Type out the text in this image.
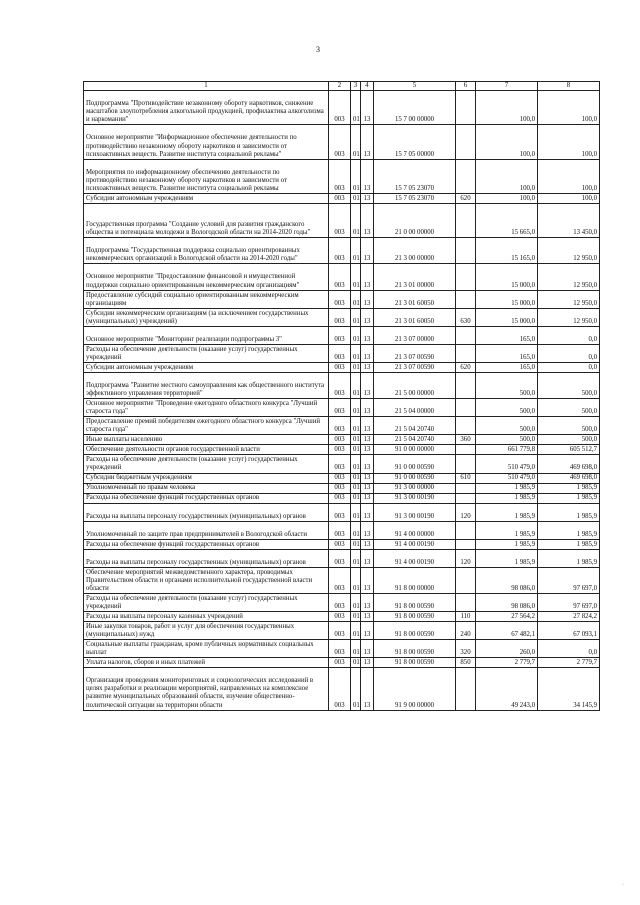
3
1	2	3	4	5	6	7	8
Подпрограмма "Противодействие незаконному обороту наркотиков, снижение масштабов злоупотребления алкогольной продукцией, профилактика алкоголизма и наркомании"	003	01	13	15 7 00 00000		100,0	100,0
Основное мероприятие "Информационное обеспечение деятельности по противодействию незаконному обороту наркотиков и зависимости от психоактивных веществ. Развитие института социальной рекламы"	003	01	13	15 7 05 00000		100,0	100,0
Мероприятия по информационному обеспечению деятельности по противодействию незаконному обороту наркотиков и зависимости от психоактивных веществ. Развитие института социальной рекламы	003	01	13	15 7 05 23070		100,0	100,0
Субсидии автономным учреждениям	003	01	13	15 7 05 23070	620	100,0	100,0
Государственная программа "Создание условий для развития гражданского общества и потенциала молодежи в Вологодской области на 2014-2020 годы"	003	01	13	21 0 00 00000		15 665,0	13 450,0
Подпрограмма "Государственная поддержка социально ориентированных некоммерческих организаций в Вологодской области на 2014-2020 годы"	003	01	13	21 3 00 00000		15 165,0	12 950,0
Основное мероприятие "Предоставление финансовой и имущественной поддержки социально ориентированным некоммерческим организациям"	003	01	13	21 3 01 00000		15 000,0	12 950,0
Предоставление субсидий социально ориентированным некоммерческим организациям	003	01	13	21 3 01 60050		15 000,0	12 950,0
Субсидии некоммерческим организациям (за исключением государственных (муниципальных) учреждений)	003	01	13	21 3 01 60050	630	15 000,0	12 950,0
Основное мероприятие "Мониторинг реализации подпрограммы 3"	003	01	13	21 3 07 00000		165,0	0,0
Расходы на обеспечение деятельности (оказание услуг) государственных учреждений	003	01	13	21 3 07 00590		165,0	0,0
Субсидии автономным учреждениям	003	01	13	21 3 07 00590	620	165,0	0,0
Подпрограмма "Развитие местного самоуправления как общественного института эффективного управления территорией"	003	01	13	21 5 00 00000		500,0	500,0
Основное мероприятие "Проведение ежегодного областного конкурса "Лучший староста года"	003	01	13	21 5 04 00000		500,0	500,0
Предоставление премий победителям ежегодного областного конкурса "Лучший староста года"	003	01	13	21 5 04 20740		500,0	500,0
Иные выплаты населению	003	01	13	21 5 04 20740	360	500,0	500,0
Обеспечение деятельности органов государственной власти	003	01	13	91 0 00 00000		661 779,8	605 512,7
Расходы на обеспечение деятельности (оказание услуг) государственных учреждений	003	01	13	91 0 00 00590		510 479,0	469 698,0
Субсидии бюджетным учреждениям	003	01	13	91 0 00 00590	610	510 479,0	469 698,0
Уполномоченный по правам человека	003	01	13	91 3 00 00000		1 985,9	1 985,9
Расходы на обеспечение функций государственных органов	003	01	13	91 3 00 00190		1 985,9	1 985,9
Расходы на выплаты персоналу государственных (муниципальных) органов	003	01	13	91 3 00 00190	120	1 985,9	1 985,9
Уполномоченный по защите прав предпринимателей в Вологодской области	003	01	13	91 4 00 00000		1 985,9	1 985,9
Расходы на обеспечение функций государственных органов	003	01	13	91 4 00 00190		1 985,9	1 985,9
Расходы на выплаты персоналу государственных (муниципальных) органов	003	01	13	91 4 00 00190	120	1 985,9	1 985,9
Обеспечение мероприятий межведомственного характера, проводимых Правительством области и органами исполнительной государственной власти области	003	01	13	91 8 00 00000		98 086,0	97 697,0
Расходы на обеспечение деятельности (оказание услуг) государственных учреждений	003	01	13	91 8 00 00590		98 086,0	97 697,0
Расходы на выплаты персоналу казенных учреждений	003	01	13	91 8 00 00590	110	27 564,2	27 824,2
Иные закупки товаров, работ и услуг для обеспечения государственных (муниципальных) нужд	003	01	13	91 8 00 00590	240	67 482,1	67 093,1
Социальные выплаты гражданам, кроме публичных нормативных социальных выплат	003	01	13	91 8 00 00590	320	260,0	0,0
Уплата налогов, сборов и иных платежей	003	01	13	91 8 00 00590	850	2 779,7	2 779,7
Организация проведения мониторинговых и социологических исследований в целях разработки и реализации мероприятий, направленных на комплексное развитие муниципальных образований области, изучение общественно-политической ситуации на территории области	003	01	13	91 9 00 00000		49 243,0	34 145,9
·
